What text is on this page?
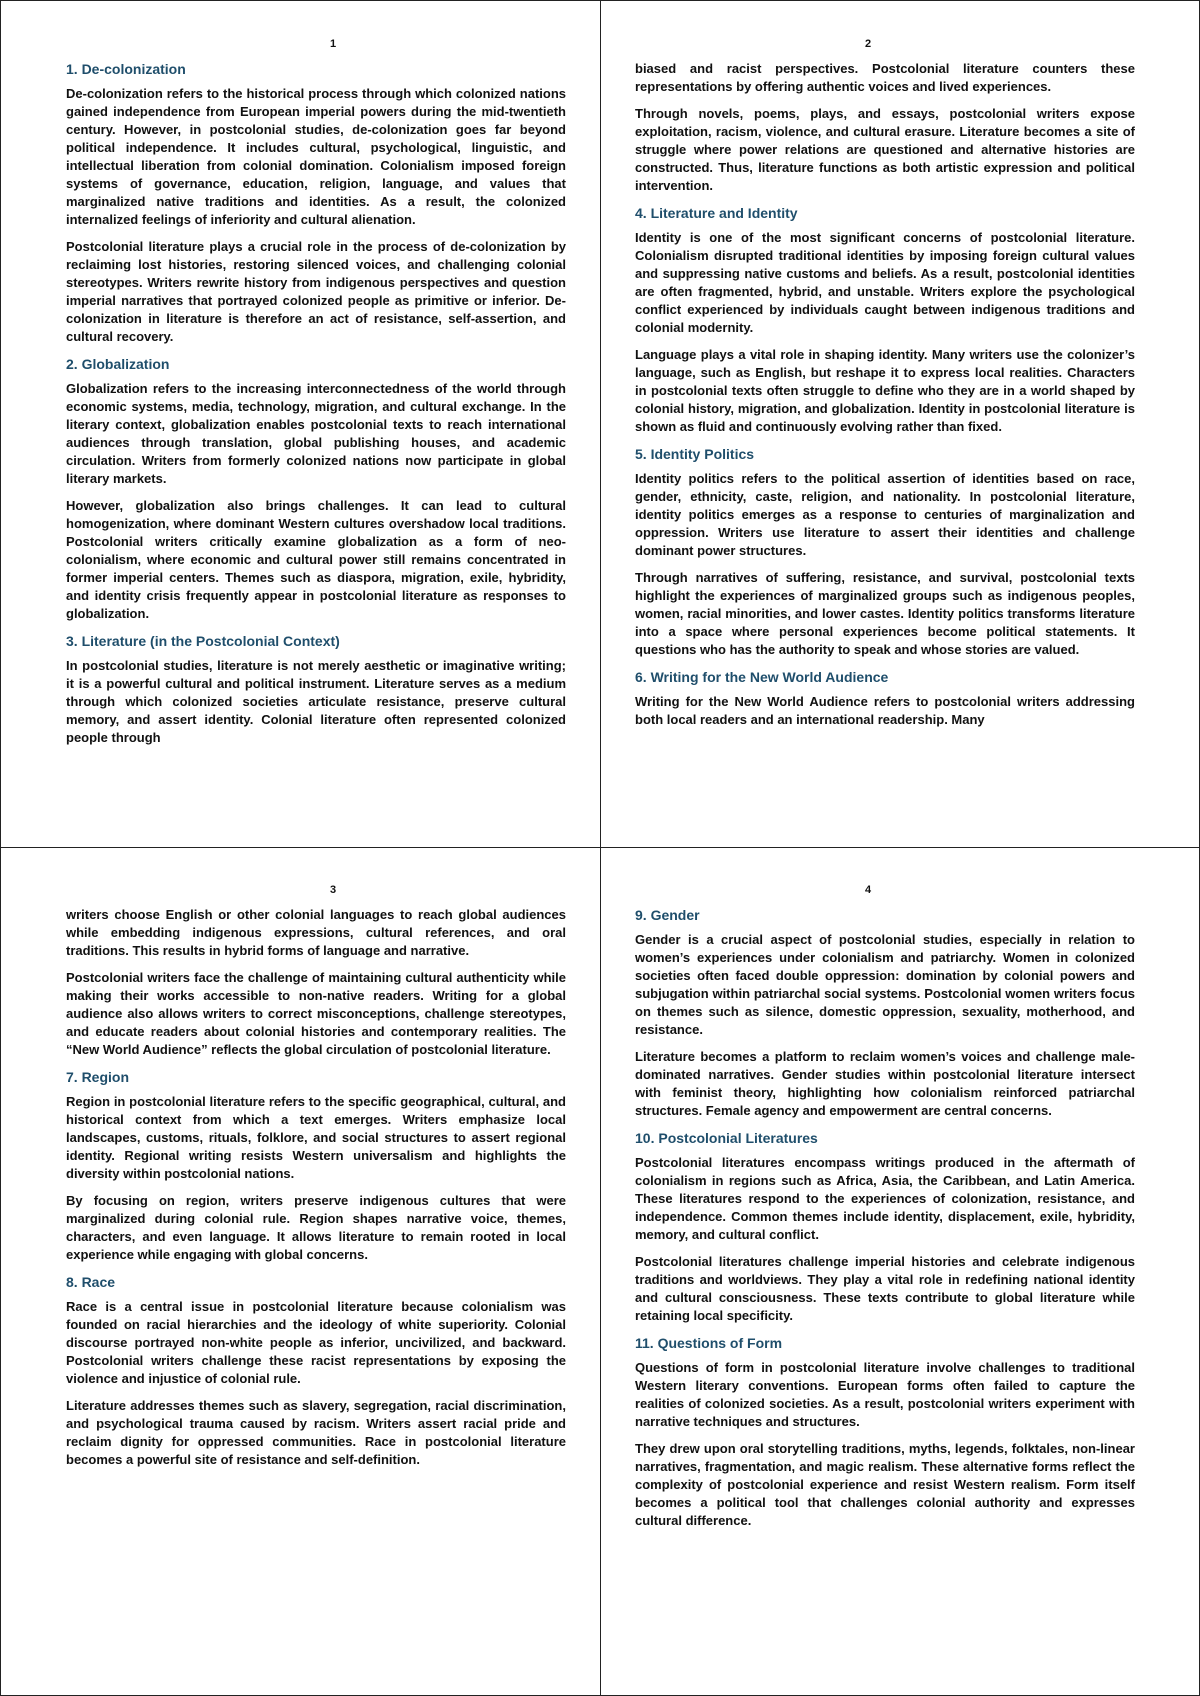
1
1. De-colonization

De-colonization refers to the historical process through which colonized nations gained independence from European imperial powers during the mid-twentieth century. However, in postcolonial studies, de-colonization goes far beyond political independence. It includes cultural, psychological, linguistic, and intellectual liberation from colonial domination. Colonialism imposed foreign systems of governance, education, religion, language, and values that marginalized native traditions and identities. As a result, the colonized internalized feelings of inferiority and cultural alienation.

Postcolonial literature plays a crucial role in the process of de-colonization by reclaiming lost histories, restoring silenced voices, and challenging colonial stereotypes. Writers rewrite history from indigenous perspectives and question imperial narratives that portrayed colonized people as primitive or inferior. De-colonization in literature is therefore an act of resistance, self-assertion, and cultural recovery.

2. Globalization

Globalization refers to the increasing interconnectedness of the world through economic systems, media, technology, migration, and cultural exchange. In the literary context, globalization enables postcolonial texts to reach international audiences through translation, global publishing houses, and academic circulation. Writers from formerly colonized nations now participate in global literary markets.

However, globalization also brings challenges. It can lead to cultural homogenization, where dominant Western cultures overshadow local traditions. Postcolonial writers critically examine globalization as a form of neo-colonialism, where economic and cultural power still remains concentrated in former imperial centers. Themes such as diaspora, migration, exile, hybridity, and identity crisis frequently appear in postcolonial literature as responses to globalization.

3. Literature (in the Postcolonial Context)

In postcolonial studies, literature is not merely aesthetic or imaginative writing; it is a powerful cultural and political instrument. Literature serves as a medium through which colonized societies articulate resistance, preserve cultural memory, and assert identity. Colonial literature often represented colonized people through

2

biased and racist perspectives. Postcolonial literature counters these representations by offering authentic voices and lived experiences.

Through novels, poems, plays, and essays, postcolonial writers expose exploitation, racism, violence, and cultural erasure. Literature becomes a site of struggle where power relations are questioned and alternative histories are constructed. Thus, literature functions as both artistic expression and political intervention.

4. Literature and Identity

Identity is one of the most significant concerns of postcolonial literature. Colonialism disrupted traditional identities by imposing foreign cultural values and suppressing native customs and beliefs. As a result, postcolonial identities are often fragmented, hybrid, and unstable. Writers explore the psychological conflict experienced by individuals caught between indigenous traditions and colonial modernity.

Language plays a vital role in shaping identity. Many writers use the colonizer’s language, such as English, but reshape it to express local realities. Characters in postcolonial texts often struggle to define who they are in a world shaped by colonial history, migration, and globalization. Identity in postcolonial literature is shown as fluid and continuously evolving rather than fixed.

5. Identity Politics

Identity politics refers to the political assertion of identities based on race, gender, ethnicity, caste, religion, and nationality. In postcolonial literature, identity politics emerges as a response to centuries of marginalization and oppression. Writers use literature to assert their identities and challenge dominant power structures.

Through narratives of suffering, resistance, and survival, postcolonial texts highlight the experiences of marginalized groups such as indigenous peoples, women, racial minorities, and lower castes. Identity politics transforms literature into a space where personal experiences become political statements. It questions who has the authority to speak and whose stories are valued.

6. Writing for the New World Audience

Writing for the New World Audience refers to postcolonial writers addressing both local readers and an international readership. Many

3

writers choose English or other colonial languages to reach global audiences while embedding indigenous expressions, cultural references, and oral traditions. This results in hybrid forms of language and narrative.

Postcolonial writers face the challenge of maintaining cultural authenticity while making their works accessible to non-native readers. Writing for a global audience also allows writers to correct misconceptions, challenge stereotypes, and educate readers about colonial histories and contemporary realities. The “New World Audience” reflects the global circulation of postcolonial literature.

7. Region

Region in postcolonial literature refers to the specific geographical, cultural, and historical context from which a text emerges. Writers emphasize local landscapes, customs, rituals, folklore, and social structures to assert regional identity. Regional writing resists Western universalism and highlights the diversity within postcolonial nations.

By focusing on region, writers preserve indigenous cultures that were marginalized during colonial rule. Region shapes narrative voice, themes, characters, and even language. It allows literature to remain rooted in local experience while engaging with global concerns.

8. Race

Race is a central issue in postcolonial literature because colonialism was founded on racial hierarchies and the ideology of white superiority. Colonial discourse portrayed non-white people as inferior, uncivilized, and backward. Postcolonial writers challenge these racist representations by exposing the violence and injustice of colonial rule.

Literature addresses themes such as slavery, segregation, racial discrimination, and psychological trauma caused by racism. Writers assert racial pride and reclaim dignity for oppressed communities. Race in postcolonial literature becomes a powerful site of resistance and self-definition.

4
9. Gender

Gender is a crucial aspect of postcolonial studies, especially in relation to women’s experiences under colonialism and patriarchy. Women in colonized societies often faced double oppression: domination by colonial powers and subjugation within patriarchal social systems. Postcolonial women writers focus on themes such as silence, domestic oppression, sexuality, motherhood, and resistance.

Literature becomes a platform to reclaim women’s voices and challenge male-dominated narratives. Gender studies within postcolonial literature intersect with feminist theory, highlighting how colonialism reinforced patriarchal structures. Female agency and empowerment are central concerns.

10. Postcolonial Literatures

Postcolonial literatures encompass writings produced in the aftermath of colonialism in regions such as Africa, Asia, the Caribbean, and Latin America. These literatures respond to the experiences of colonization, resistance, and independence. Common themes include identity, displacement, exile, hybridity, memory, and cultural conflict.

Postcolonial literatures challenge imperial histories and celebrate indigenous traditions and worldviews. They play a vital role in redefining national identity and cultural consciousness. These texts contribute to global literature while retaining local specificity.

11. Questions of Form

Questions of form in postcolonial literature involve challenges to traditional Western literary conventions. European forms often failed to capture the realities of colonized societies. As a result, postcolonial writers experiment with narrative techniques and structures.

They drew upon oral storytelling traditions, myths, legends, folktales, non-linear narratives, fragmentation, and magic realism. These alternative forms reflect the complexity of postcolonial experience and resist Western realism. Form itself becomes a political tool that challenges colonial authority and expresses cultural difference.
